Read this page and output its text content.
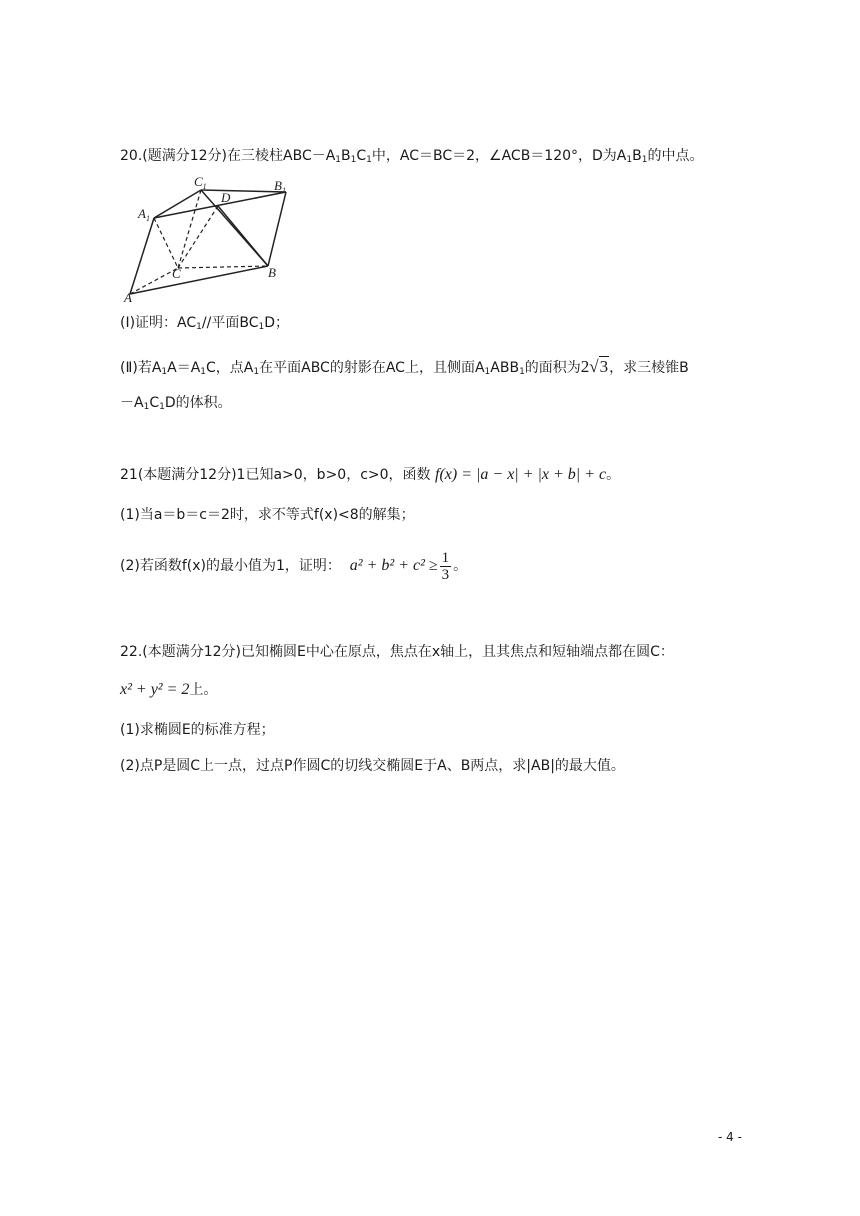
20.(题满分12分)在三棱柱$ABC-A_1B_1C_1$中，AC＝BC＝2，∠ACB＝120°，D为$A_1B_1$的中点。
$C_1$	$B_1$
$A_1$
D
C	B
A
(Ⅰ)证明：$AC_1//$平面$BC_1D$；
(Ⅱ)若$A_1A=A_1C$，点$A_1$在平面ABC的射影在AC上，且侧面$A_1ABB_1$的面积为2√3，求三棱锥B
$-A_1C_1D$的体积。
21(本题满分12分)1已知a>0，b>0，c>0，函数 f(x) = |a − x| + |x + b| + c。
(1)当a＝b＝c＝2时，求不等式f(x)<8的解集；
(2)若函数f(x)的最小值为1，证明： $a^2 + b^2 + c^2 \ge \frac{1}{3}$ 。
22.(本题满分12分)已知椭圆E中心在原点，焦点在x轴上，且其焦点和短轴端点都在圆C：
x² + y² = 2上。
(1)求椭圆E的标准方程；
(2)点P是圆C上一点，过点P作圆C的切线交椭圆E于A、B两点，求|AB|的最大值。
- 4 -
